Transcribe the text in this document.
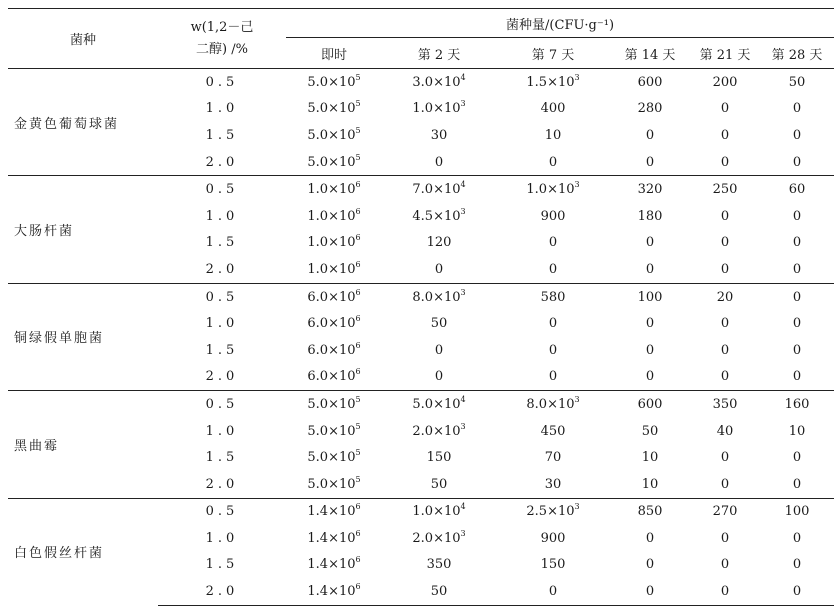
菌种	w(1,2－己
二醇) /%	菌种量/(CFU·g⁻¹)					
		即时	第 2 天	第 7 天	第 14 天	第 21 天	第 28 天
金黄色葡萄球菌	0.5	$5.0\times 10^5$	$3.0\times 10^4$	$1.5\times 10^3$	600	200	50
	1.0	$5.0\times 10^5$	$1.0\times 10^3$	400	280	0	0
	1.5	$5.0\times 10^5$	30	10	0	0	0
	2.0	$5.0\times 10^5$	0	0	0	0	0
大肠杆菌	0.5	$1.0\times 10^6$	$7.0\times 10^4$	$1.0\times 10^3$	320	250	60
	1.0	$1.0\times 10^6$	$4.5\times 10^3$	900	180	0	0
	1.5	$1.0\times 10^6$	120	0	0	0	0
	2.0	$1.0\times 10^6$	0	0	0	0	0
铜绿假单胞菌	0.5	$6.0\times 10^6$	$8.0\times 10^3$	580	100	20	0
	1.0	$6.0\times 10^6$	50	0	0	0	0
	1.5	$6.0\times 10^6$	0	0	0	0	0
	2.0	$6.0\times 10^6$	0	0	0	0	0
黑曲霉	0.5	$5.0\times 10^5$	$5.0\times 10^4$	$8.0\times 10^3$	600	350	160
	1.0	$5.0\times 10^5$	$2.0\times 10^3$	450	50	40	10
	1.5	$5.0\times 10^5$	150	70	10	0	0
	2.0	$5.0\times 10^5$	50	30	10	0	0
白色假丝杆菌	0.5	$1.4\times 10^6$	$1.0\times 10^4$	$2.5\times 10^3$	850	270	100
	1.0	$1.4\times 10^6$	$2.0\times 10^3$	900	0	0	0
	1.5	$1.4\times 10^6$	350	150	0	0	0
	2.0	$1.4\times 10^6$	50	0	0	0	0
